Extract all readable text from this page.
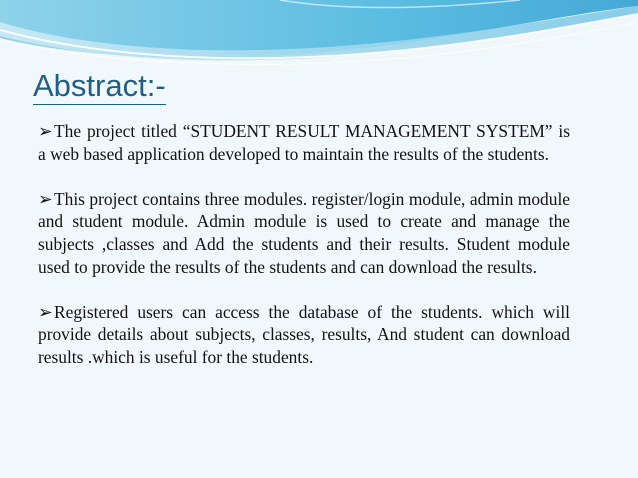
Abstract:-

➢The project titled “STUDENT RESULT MANAGEMENT SYSTEM” is a web based application developed to maintain the results of the students.

➢This project contains three modules. register/login module, admin module and student module. Admin module is used to create and manage the subjects ,classes and Add the students and their results. Student module used to provide the results of the students and can download the results.

➢Registered users can access the database of the students. which will provide details about subjects, classes, results, And student can download results .which is useful for the students.
